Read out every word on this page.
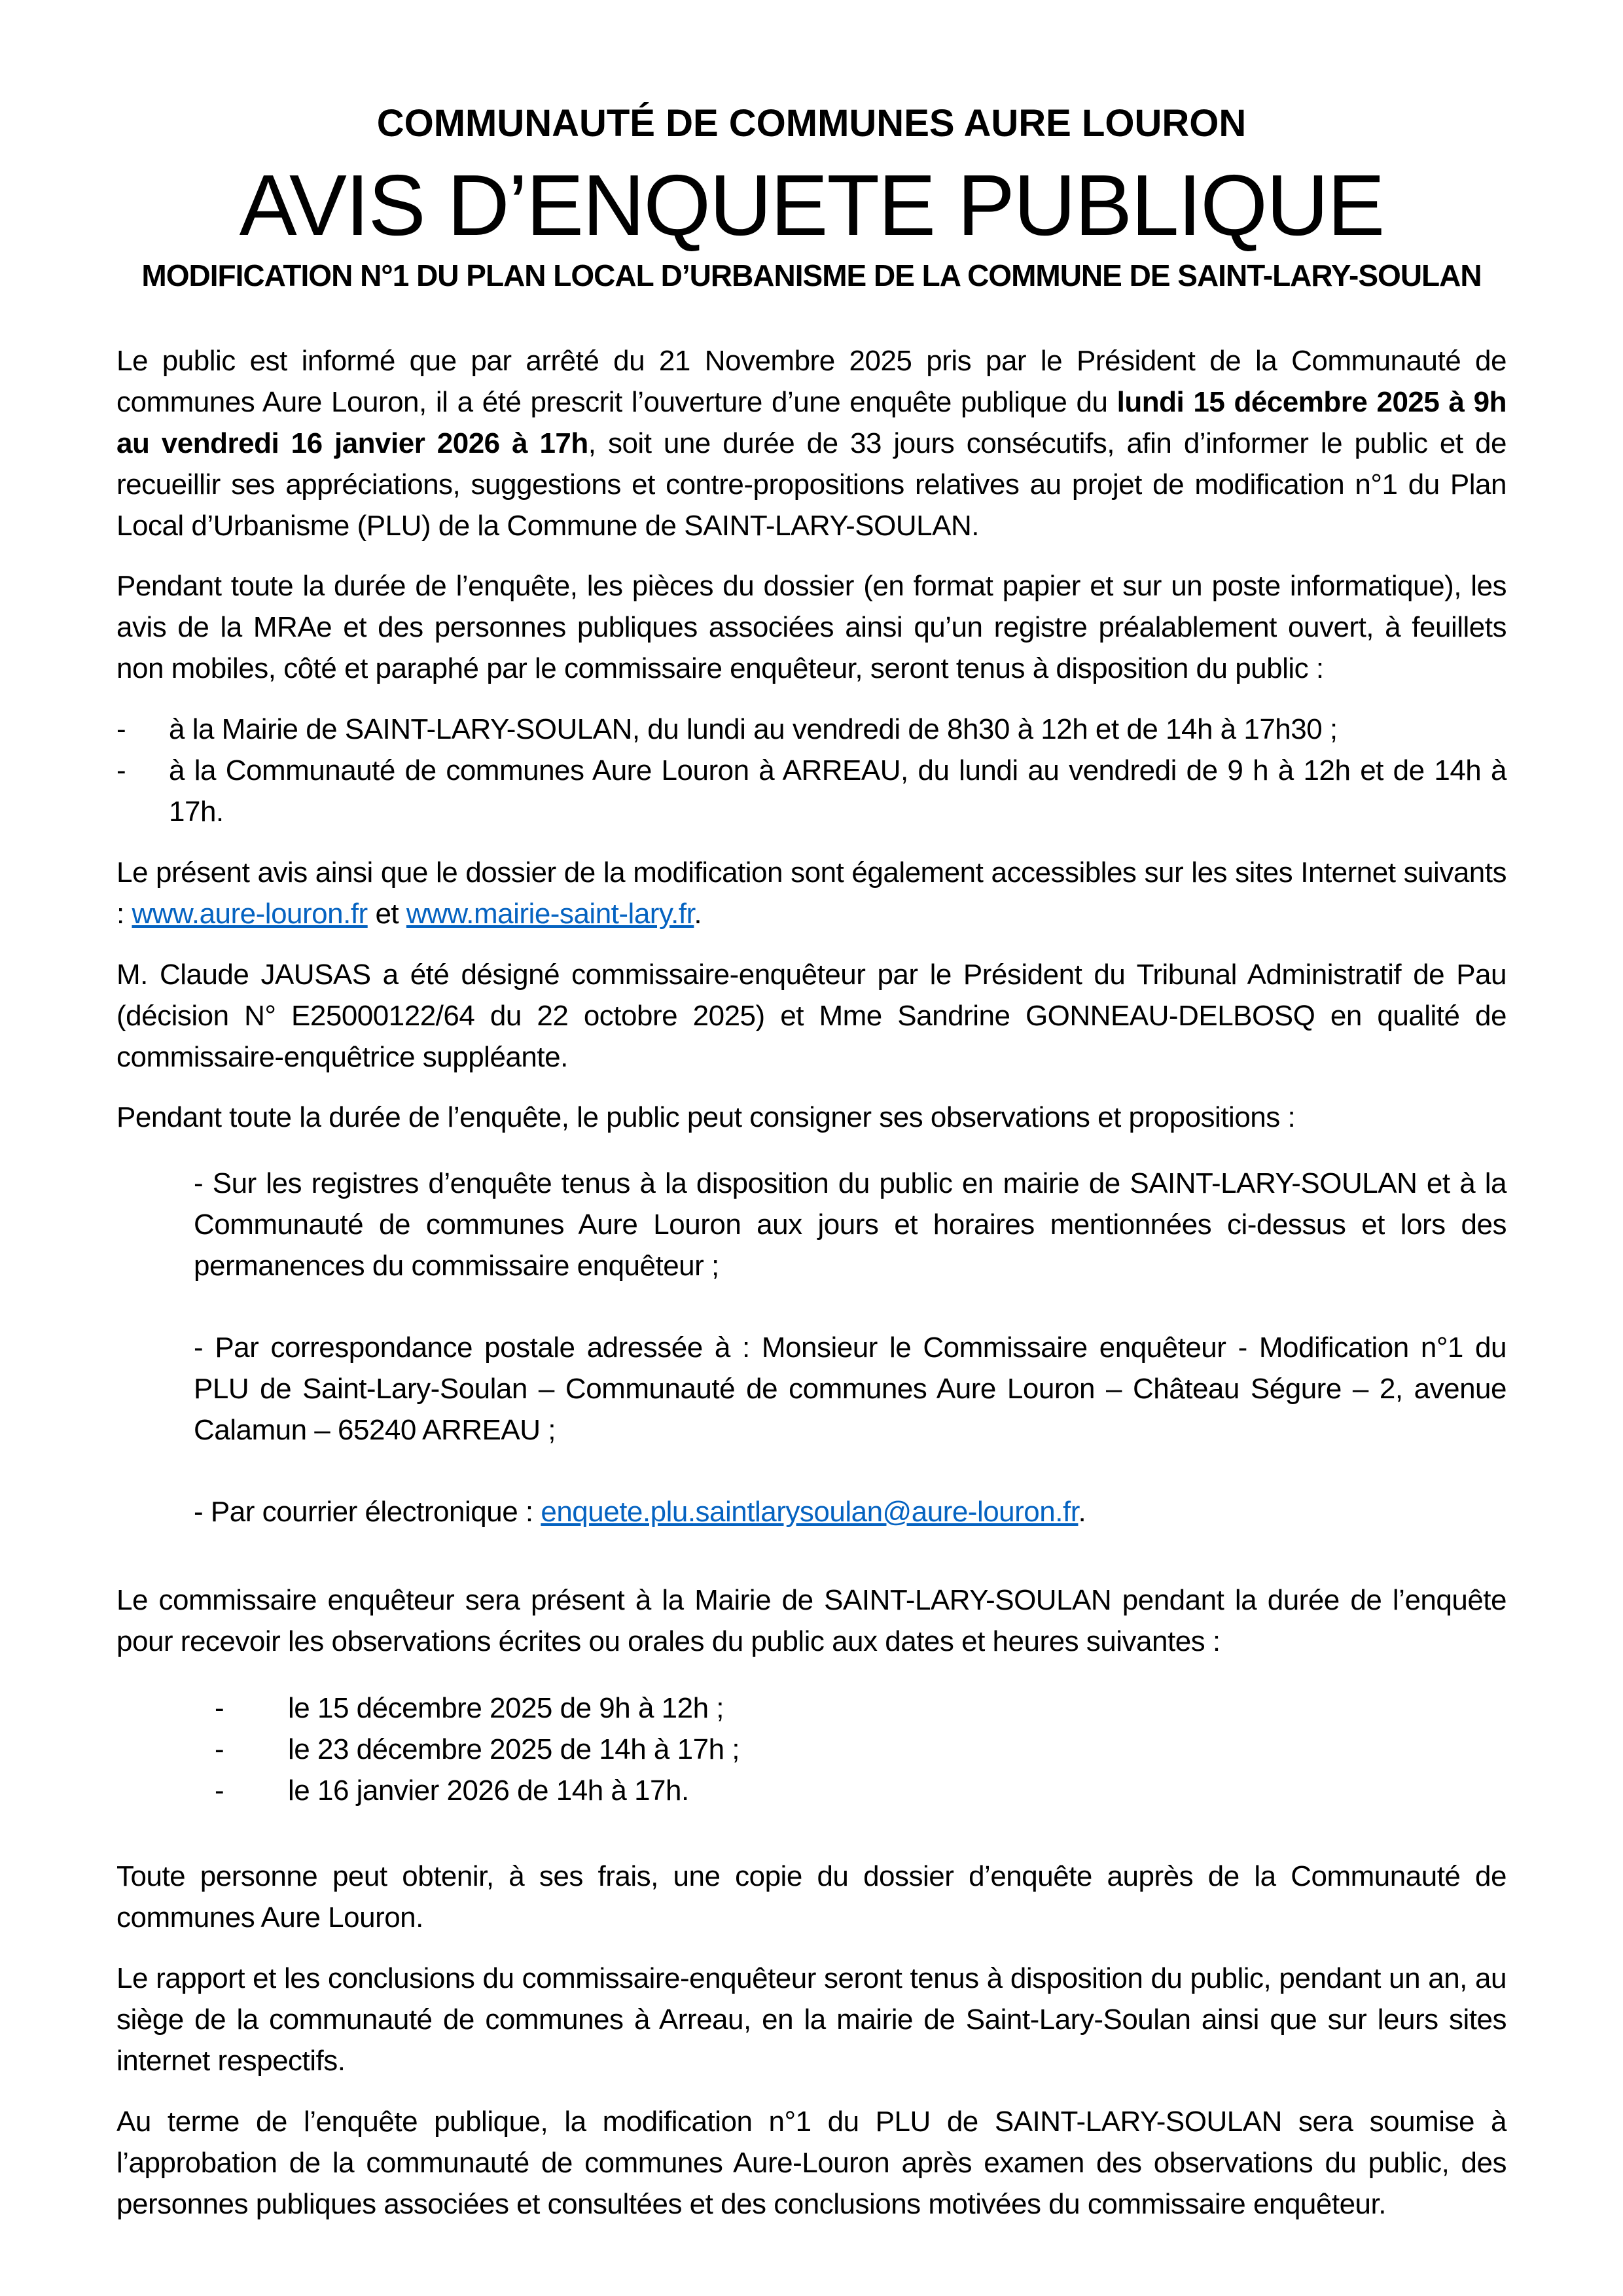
COMMUNAUTÉ DE COMMUNES AURE LOURON
AVIS D’ENQUETE PUBLIQUE
MODIFICATION N°1 DU PLAN LOCAL D’URBANISME DE LA COMMUNE DE SAINT-LARY-SOULAN

Le public est informé que par arrêté du 21 Novembre 2025 pris par le Président de la Communauté de communes Aure Louron, il a été prescrit l’ouverture d’une enquête publique du lundi 15 décembre 2025 à 9h au vendredi 16 janvier 2026 à 17h, soit une durée de 33 jours consécutifs, afin d’informer le public et de recueillir ses appréciations, suggestions et contre-propositions relatives au projet de modification n°1 du Plan Local d’Urbanisme (PLU) de la Commune de SAINT-LARY-SOULAN.

Pendant toute la durée de l’enquête, les pièces du dossier (en format papier et sur un poste informatique), les avis de la MRAe et des personnes publiques associées ainsi qu’un registre préalablement ouvert, à feuillets non mobiles, côté et paraphé par le commissaire enquêteur, seront tenus à disposition du public :

-	à la Mairie de SAINT-LARY-SOULAN, du lundi au vendredi de 8h30 à 12h et de 14h à 17h30 ;
-	à la Communauté de communes Aure Louron à ARREAU, du lundi au vendredi de 9 h à 12h et de 14h à 17h.

Le présent avis ainsi que le dossier de la modification sont également accessibles sur les sites Internet suivants : www.aure-louron.fr et www.mairie-saint-lary.fr.

M. Claude JAUSAS a été désigné commissaire-enquêteur par le Président du Tribunal Administratif de Pau (décision N° E25000122/64 du 22 octobre 2025) et Mme Sandrine GONNEAU-DELBOSQ en qualité de commissaire-enquêtrice suppléante.

Pendant toute la durée de l’enquête, le public peut consigner ses observations et propositions :

- Sur les registres d’enquête tenus à la disposition du public en mairie de SAINT-LARY-SOULAN et à la Communauté de communes Aure Louron aux jours et horaires mentionnées ci-dessus et lors des permanences du commissaire enquêteur ;
- Par correspondance postale adressée à : Monsieur le Commissaire enquêteur - Modification n°1 du PLU de Saint-Lary-Soulan – Communauté de communes Aure Louron – Château Ségure – 2, avenue Calamun – 65240 ARREAU ;
- Par courrier électronique : enquete.plu.saintlarysoulan@aure-louron.fr.

Le commissaire enquêteur sera présent à la Mairie de SAINT-LARY-SOULAN pendant la durée de l’enquête pour recevoir les observations écrites ou orales du public aux dates et heures suivantes :

-	le 15 décembre 2025 de 9h à 12h ;
-	le 23 décembre 2025 de 14h à 17h ;
-	le 16 janvier 2026 de 14h à 17h.

Toute personne peut obtenir, à ses frais, une copie du dossier d’enquête auprès de la Communauté de communes Aure Louron.

Le rapport et les conclusions du commissaire-enquêteur seront tenus à disposition du public, pendant un an, au siège de la communauté de communes à Arreau, en la mairie de Saint-Lary-Soulan ainsi que sur leurs sites internet respectifs.

Au terme de l’enquête publique, la modification n°1 du PLU de SAINT-LARY-SOULAN sera soumise à l’approbation de la communauté de communes Aure-Louron après examen des observations du public, des personnes publiques associées et consultées et des conclusions motivées du commissaire enquêteur.
